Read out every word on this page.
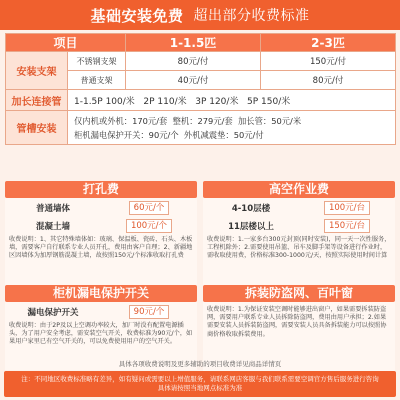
基础安装免费 超出部分收费标准
项目		1-1.5匹	2-3匹
安装支架	不锈钢支架	80元/付	150元/付
	普通支架	40元/付	80元/付
加长连接管	1-1.5P 100/米 2P 110/米 3P 120/米 5P 150/米		
管槽安装	仅内机或外机：170元/套 整机：279元/套 加长管：50元/米
柜机漏电保护开关：90元/个 外机减震垫：50元/付		
打孔费
普通墙体	60元/个
混凝土墙	100元/个
收费说明：1、其它特殊墙体如：玻璃、保温板、瓷砖、石头、木板墙，需要客户自行联系专业人员开孔，费用由客户自理；2、新疆地区因墙体为加厚钢筋混凝土墙，故按照150元/个标准收取打孔费
高空作业费
4-10层楼	100元/台
11层楼以上	150元/台
收费说明：1.一家多台300元封顶(同时安装)，同一天一次性服务，工程机除外；2.需要使用吊篮、吊车及脚手架等设备进行作业时，需收取使用费，价格标准300-1000元/天，按照实际使用时间计算
柜机漏电保护开关
漏电保护开关	90元/个
收费说明：由于2P及以上空调功率较大，加厂时没有配置电源插头，为了用户安全考虑，需安装空气开关，收费标准为90元/个，如果用户家里已有空气开关的，可以免费使用用户的空气开关。
拆装防盗网、百叶窗
收费说明：1.为保证安装空调时能够进出窗户，如果需要拆装防盗网，需要用户联系专业人员拆除防盗网，费用由用户承担；2.如果需要安装人员拆装防盗网，需要安装人员具备拆装能力可以按照协商价格收取拆装费用。
具体各项收费说明及更多辅助的项目收费详见商品详情页
注：不同地区收费标准略有差异，如有疑问或需要以上增值服务，请联系网店客服与我们联系需要空调官方售后服务进行咨询
具体请按照当地网点标准为准
